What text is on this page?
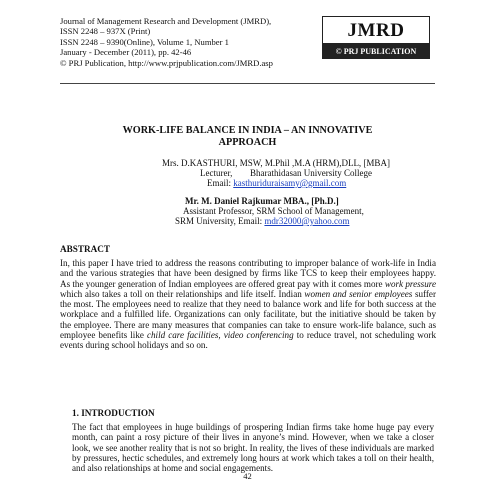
Journal of Management Research and Development (JMRD),
ISSN 2248 – 937X (Print)
ISSN 2248 – 9390(Online), Volume 1, Number 1
January - December (2011), pp. 42-46
© PRJ Publication, http://www.prjpublication.com/JMRD.asp
JMRD
© PRJ PUBLICATION
WORK-LIFE BALANCE IN INDIA – AN INNOVATIVE
APPROACH
Mrs. D.KASTHURI, MSW, M.Phil ,M.A (HRM),DLL, [MBA]
Lecturer, Bharathidasan University College
Email: kasthuriduraisamy@gmail.com
Mr. M. Daniel Rajkumar MBA., [Ph.D.]
Assistant Professor, SRM School of Management,
SRM University, Email: mdr32000@yahoo.com
ABSTRACT
In, this paper I have tried to address the reasons contributing to improper balance of work-life in India and the various strategies that have been designed by firms like TCS to keep their employees happy. As the younger generation of Indian employees are offered great pay with it comes more work pressure which also takes a toll on their relationships and life itself. Indian women and senior employees suffer the most. The employees need to realize that they need to balance work and life for both success at the workplace and a fulfilled life. Organizations can only facilitate, but the initiative should be taken by the employee. There are many measures that companies can take to ensure work-life balance, such as employee benefits like child care facilities, video conferencing to reduce travel, not scheduling work events during school holidays and so on.
1. INTRODUCTION
The fact that employees in huge buildings of prospering Indian firms take home huge pay every month, can paint a rosy picture of their lives in anyone’s mind. However, when we take a closer look, we see another reality that is not so bright. In reality, the lives of these individuals are marked by pressures, hectic schedules, and extremely long hours at work which takes a toll on their health, and also relationships at home and social engagements.
42
